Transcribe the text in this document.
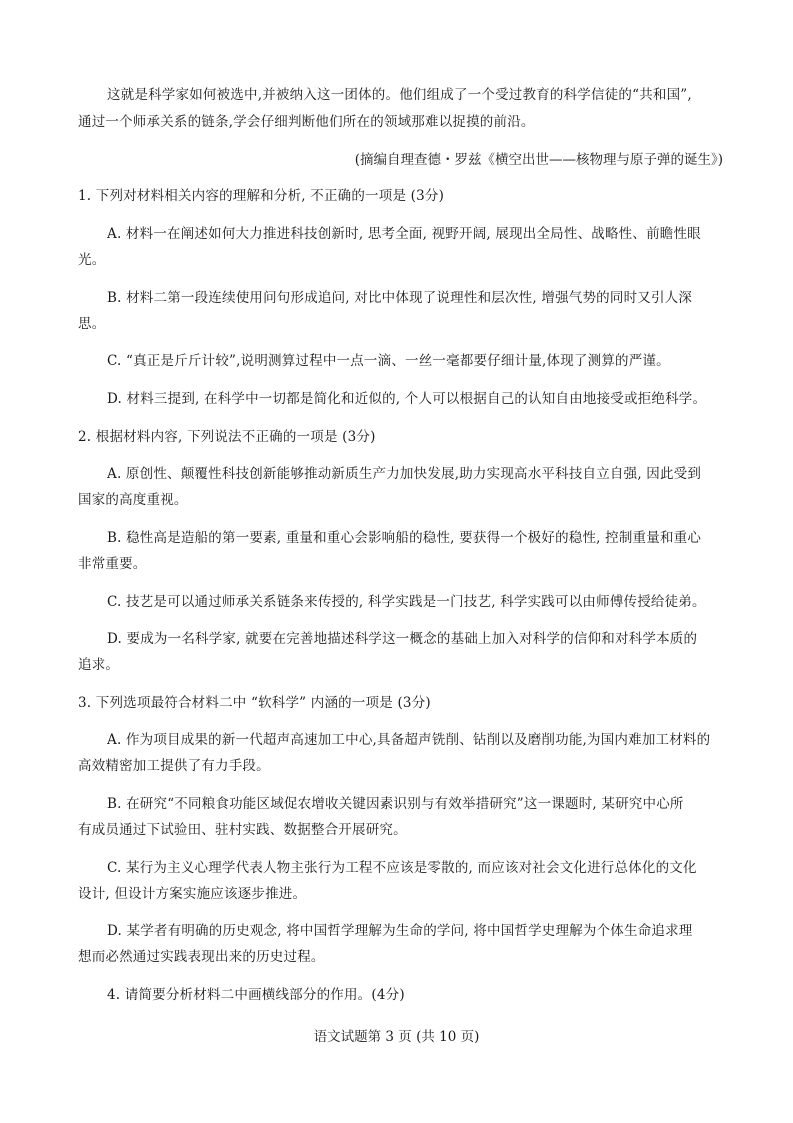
这就是科学家如何被选中,并被纳入这一团体的。他们组成了一个受过教育的科学信徒的“共和国”,
通过一个师承关系的链条,学会仔细判断他们所在的领域那难以捉摸的前沿。
(摘编自理查德・罗兹《横空出世——核物理与原子弹的诞生》)
1. 下列对材料相关内容的理解和分析, 不正确的一项是 (3分)
A. 材料一在阐述如何大力推进科技创新时, 思考全面, 视野开阔, 展现出全局性、战略性、前瞻性眼
光。
B. 材料二第一段连续使用问句形成追问, 对比中体现了说理性和层次性, 增强气势的同时又引人深
思。
C. “真正是斤斤计较”,说明测算过程中一点一滴、一丝一毫都要仔细计量,体现了测算的严谨。
D. 材料三提到, 在科学中一切都是简化和近似的, 个人可以根据自己的认知自由地接受或拒绝科学。
2. 根据材料内容, 下列说法不正确的一项是 (3分)
A. 原创性、颠覆性科技创新能够推动新质生产力加快发展,助力实现高水平科技自立自强, 因此受到
国家的高度重视。
B. 稳性高是造船的第一要素, 重量和重心会影响船的稳性, 要获得一个极好的稳性, 控制重量和重心
非常重要。
C. 技艺是可以通过师承关系链条来传授的, 科学实践是一门技艺, 科学实践可以由师傅传授给徒弟。
D. 要成为一名科学家, 就要在完善地描述科学这一概念的基础上加入对科学的信仰和对科学本质的
追求。
3. 下列选项最符合材料二中 “软科学” 内涵的一项是 (3分)
A. 作为项目成果的新一代超声高速加工中心,具备超声铣削、钻削以及磨削功能,为国内难加工材料的
高效精密加工提供了有力手段。
B. 在研究“不同粮食功能区域促农增收关键因素识别与有效举措研究”这一课题时, 某研究中心所
有成员通过下试验田、驻村实践、数据整合开展研究。
C. 某行为主义心理学代表人物主张行为工程不应该是零散的, 而应该对社会文化进行总体化的文化
设计, 但设计方案实施应该逐步推进。
D. 某学者有明确的历史观念, 将中国哲学理解为生命的学问, 将中国哲学史理解为个体生命追求理
想而必然通过实践表现出来的历史过程。
4. 请简要分析材料二中画横线部分的作用。(4分)
语文试题第 3 页 (共 10 页)
